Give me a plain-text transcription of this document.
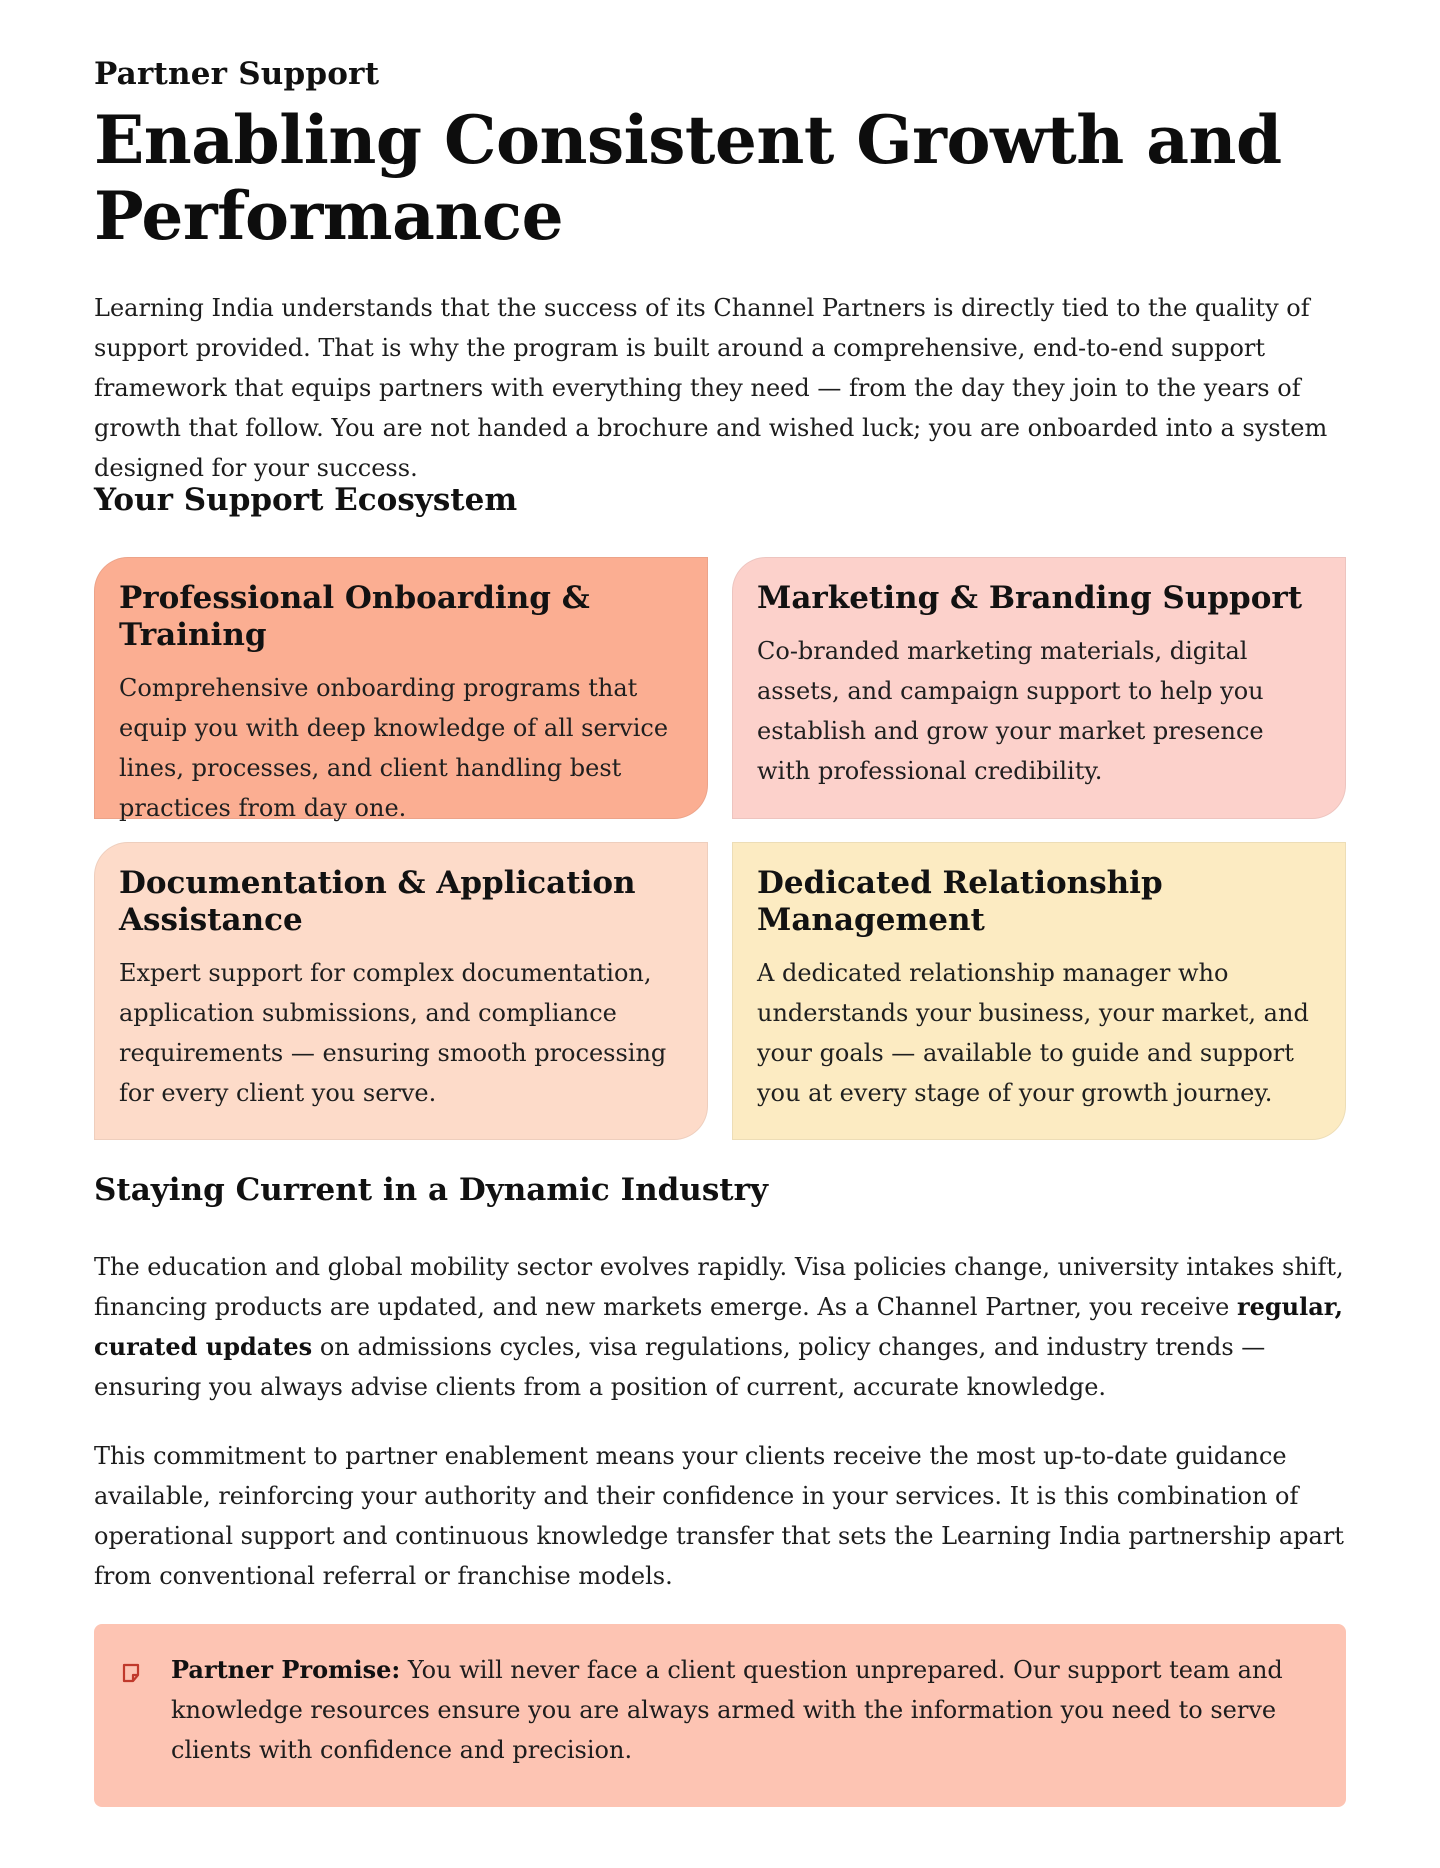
Partner Support
Enabling Consistent Growth and Performance

Learning India understands that the success of its Channel Partners is directly tied to the quality of support provided. That is why the program is built around a comprehensive, end-to-end support framework that equips partners with everything they need — from the day they join to the years of growth that follow. You are not handed a brochure and wished luck; you are onboarded into a system designed for your success.

Your Support Ecosystem
Professional Onboarding & Training

Comprehensive onboarding programs that equip you with deep knowledge of all service lines, processes, and client handling best practices from day one.

Marketing & Branding Support

Co-branded marketing materials, digital assets, and campaign support to help you establish and grow your market presence with professional credibility.

Documentation & Application Assistance

Expert support for complex documentation, application submissions, and compliance requirements — ensuring smooth processing for every client you serve.

Dedicated Relationship Management

A dedicated relationship manager who understands your business, your market, and your goals — available to guide and support you at every stage of your growth journey.

Staying Current in a Dynamic Industry

The education and global mobility sector evolves rapidly. Visa policies change, university intakes shift, financing products are updated, and new markets emerge. As a Channel Partner, you receive regular, curated updates on admissions cycles, visa regulations, policy changes, and industry trends — ensuring you always advise clients from a position of current, accurate knowledge.

This commitment to partner enablement means your clients receive the most up-to-date guidance available, reinforcing your authority and their confidence in your services. It is this combination of operational support and continuous knowledge transfer that sets the Learning India partnership apart from conventional referral or franchise models.

Partner Promise: You will never face a client question unprepared. Our support team and knowledge resources ensure you are always armed with the information you need to serve clients with confidence and precision.
